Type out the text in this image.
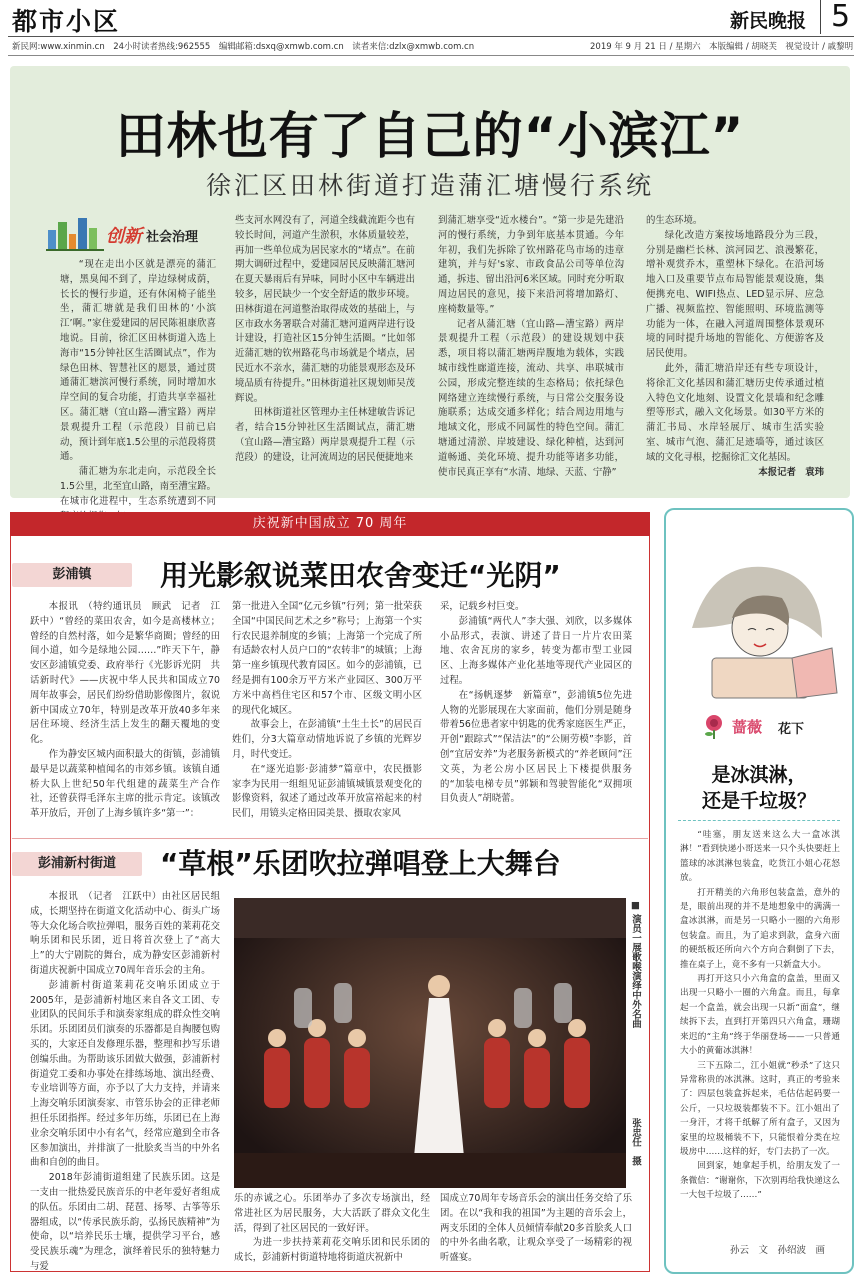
都市小区	新民晚报 5
新民网:www.xinmin.cn　24小时读者热线:962555　编辑邮箱:dsxq@xmwb.com.cn　读者来信:dzlx@xmwb.com.cn	2019 年 9 月 21 日 / 星期六　本版编辑 / 胡晓芙　视觉设计 / 戚黎明
田林也有了自己的“小滨江”
徐汇区田林街道打造蒲汇塘慢行系统
创新 社会治理

“现在走出小区就是漂亮的蒲汇塘，黑臭闻不到了，岸边绿树成荫，长长的慢行步道，还有休闲椅子能坐坐，蒲汇塘就是我们田林的‘小滨江’啊。”家住爱建园的居民陈祖康欣喜地说。目前，徐汇区田林街道入选上海市“15分钟社区生活圈试点”，作为绿色田林、智慧社区的愿景，通过贯通蒲汇塘滨河慢行系统，同时增加水岸空间的复合功能，打造共享幸福社区。蒲汇塘（宜山路—漕宝路）两岸景观提升工程（示范段）目前已启动，预计到年底1.5公里的示范段将贯通。

蒲汇塘为东北走向，示范段全长1.5公里，北至宜山路，南至漕宝路。在城市化进程中，生态系统遭到不同

些支河水网没有了，河道全线截流距今也有较长时间，河道产生淤积，水体质量较差，再加一些单位成为居民家水的“堵点”。在前期大调研过程中，爱建园居民反映蒲汇塘河在夏天暴雨后有异味，同时小区中车辆进出较多，居民缺少一个安全舒适的散步环境。田林街道在河道整治取得成效的基础上，与区市政水务署联合对蒲汇塘河道两岸进行设计建设，打造社区15分钟生活圈。“比如邻近蒲汇塘的钦州路花鸟市场就是个堵点，居民近水不亲水，蒲汇塘的功能景观形态及环境品质有待提升。”田林街道社区规划师吴茂辉说。

田林街道社区管理办主任林建敏告诉记者，结合15分钟社区生活圈试点，蒲汇塘（宜山路—漕宝路）两岸景观提升工程（示范段）的建设，让河流周边的居民便捷地来

到蒲汇塘享受“近水楼台”。“第一步是先建沿河的慢行系统，力争到年底基本贯通。今年年初，我们先拆除了钦州路花鸟市场的违章建筑，并与好's家、市政食品公司等单位沟通，拆违、留出沿河6米区域。同时充分听取周边居民的意见，接下来沿河将增加路灯、座椅数量等。”

记者从蒲汇塘（宜山路—漕宝路）两岸景观提升工程（示范段）的建设规划中获悉，项目将以蒲汇塘两岸腹地为载体，实践城市线性廊道连接，流动、共享、串联城市公园，形成完整连续的生态格局；依托绿色网络建立连续慢行系统，与日常公交服务设施联系；达成交通多样化；结合周边用地与地域文化，形成不同属性的特色空间。蒲汇塘通过清淤、岸坡建设、绿化种植，达到河道畅通、美化环境、提升功能等诸多功能，使市民真正享有“水清、地绿、天蓝、宁静”

的生态环境。

绿化改造方案按场地路段分为三段，分别是幽栏长林、滨河园艺、浪漫繁花，增补观赏乔木，重塑林下绿化。在沿河场地入口及重要节点布局智能景观设施，集便携充电、WIFI热点、LED显示屏、应急广播、视频监控、智能照明、环境监测等功能为一体，在融入河道周围整体景观环境的同时提升场地的智能化、方便游客及居民使用。

此外，蒲汇塘沿岸还有些专项设计，将徐汇文化基因和蒲汇塘历史传承通过植入特色文化地刻、设置文化景墙和纪念雕塑等形式，融入文化场景。如30平方米的蒲汇书局、水岸轻展厅、城市生活实验室、城市气泡、蒲汇足迹墙等，通过该区域的文化寻根，挖掘徐汇文化基因。

本报记者　袁玮

庆祝新中国成立 70 周年
彭浦镇	用光影叙说菜田农舍变迁“光阴”

本报讯　（特约通讯员　顾武　记者　江跃中）“曾经的菜田农舍，如今是高楼林立；曾经的自然村落，如今是繁华商圈；曾经的田间小道，如今是绿地公园……”昨天下午，静安区彭浦镇党委、政府举行《光影诉光阴　共话新时代》——庆祝中华人民共和国成立70周年故事会，居民们纷纷借助影像图片，叙说新中国成立70年，特别是改革开放40多年来居住环境、经济生活上发生的翻天覆地的变化。

作为静安区城内面积最大的街镇，彭浦镇最早是以蔬菜种植闻名的市郊乡镇。该镇自通桥大队上世纪50年代组建的蔬菜生产合作社，还曾获得毛泽东主席的批示肯定。该镇改革开放后，开创了上海乡镇许多“第一”：

第一批进入全国“亿元乡镇”行列；第一批荣获全国“中国民间艺术之乡”称号；上海第一个实行农民退养制度的乡镇；上海第一个完成了所有适龄农村人员户口的“农转非”的城镇；上海第一座乡镇现代教育园区。如今的彭浦镇，已经是拥有100余万平方米产业园区、300万平方米中高档住宅区和57个市、区级文明小区的现代化城区。

故事会上，在彭浦镇“土生土长”的居民百姓们，分3大篇章动情地诉说了乡镇的光辉岁月，时代变迁。

在“逐光追影·彭浦梦”篇章中，农民摄影家李为民用一组组见证彭浦镇城镇景观变化的影像资料，叙述了通过改革开放富裕起来的村民们，用镜头定格田园美景、摄取农家风

采，记载乡村巨变。

彭浦镇“两代人”李大强、刘欣，以多媒体小品形式，表演、讲述了昔日一片片农田菜地、农舍瓦房的家乡，转变为都市型工业园区、上海多媒体产业化基地等现代产业园区的过程。

在“扬帆逐梦　新篇章”，彭浦镇5位先进人物的光影展现在大家面前，他们分别是随身带着56位患者家中钥匙的优秀家庭医生严正，开创“跟踪式”“保洁法”的“公厕劳模”李影，首创“宜居安养”为老服务新模式的“养老顾问”汪文英，为老公房小区居民上下楼提供服务的“加装电梯专员”郭颖和驾驶智能化“双拥项目负责人”胡晓蕾。

彭浦新村街道	“草根”乐团吹拉弹唱登上大舞台

本报讯　（记者　江跃中）由社区居民组成，长期坚持在街道文化活动中心、街头广场等大众化场合吹拉弹唱，服务百姓的莱莉花交响乐团和民乐团，近日将首次登上了“高大上”的大宁剧院的舞台，成为静安区彭浦新村街道庆祝新中国成立70周年音乐会的主角。

彭浦新村街道莱莉花交响乐团成立于2005年，是彭浦新村地区来自各文工团、专业团队的民间乐手和演奏家组成的群众性交响乐团。乐团团员们演奏的乐器都是自掏腰包购买的，大家还自发修理乐器，整理和抄写乐谱创编乐曲。为帮助该乐团做大做强，彭浦新村街道党工委和办事处在排练场地、演出经费、专业培训等方面，亦予以了大力支持，并请来上海交响乐团演奏家、市管乐协会的正律老师担任乐团指挥。经过多年历练，乐团已在上海业余交响乐团中小有名气，经常应邀到全市各区参加演出，并排演了一批脍炙当当的中外名曲和自创的曲目。

2018年彭浦街道组建了民族乐团。这是一支由一批热爱民族音乐的中老年爱好者组成的队伍。乐团由二胡、琵琶、扬琴、古筝等乐器组成，以“传承民族乐韵，弘扬民族精神”为使命，以“培养民乐士壤，提供学习平台，感受民族乐魂”为理念，演绎着民乐的独特魅力与爱

■ 演员一展歌喉演绎中外名曲
张忠任　摄

乐的赤诚之心。乐团举办了多次专场演出，经常进社区为居民服务，大大活跃了群众文化生活，得到了社区居民的一致好评。

为进一步扶持莱莉花交响乐团和民乐团的成长，彭浦新村街道特地将街道庆祝新中

国成立70周年专场音乐会的演出任务交给了乐团。在以“我和我的祖国”为主题的音乐会上，两支乐团的全体人员倾情奉献20多首脍炙人口的中外名曲名歌，让观众享受了一场精彩的视听盛宴。

蔷薇 花下
是冰淇淋，
还是千垃圾？

“哇塞，朋友送来这么大一盒冰淇淋！”看到快递小哥送来一只个头快要赶上篮球的冰淇淋包装盒，吃货江小姐心花怒放。

打开精美的六角形包装盒盖，意外的是，眼前出现的并不是地想象中的满满一盒冰淇淋，而是另一只略小一圈的六角形包装盒。而且，为了追求到款，盒身六面的硬纸板还所向六个方向合剩倒了下去，推在桌子上，竟不多有一只新盒大小。

再打开这只小六角盒的盒盖，里面又出现一只略小一圈的六角盒。而且，每拿起一个盒盖，就会出现一只新“面盒”，继续拆下去，直到打开第四只六角盒，珊瑚来迟的“主角”终于华丽登场——一只普通大小的黄葡冰淇淋！

三下五除二，江小姐就“秒杀”了这只异常称贵的冰淇淋。这时，真正的考验来了：四层包装盒拆起来，毛估估起码要一公斤，一只垃圾装都装不下。江小姐出了一身汗，才将千纸解了所有盒子，又因为家里的垃圾桶装不下，只能恨着分类在垃圾房中……这样的好，专门去扔了一次。

回到家，她拿起手机，给朋友发了一条微信：“谢谢你，下次别再给我快递这么一大包千垃圾了……”

孙云　文　孙绍波　画
